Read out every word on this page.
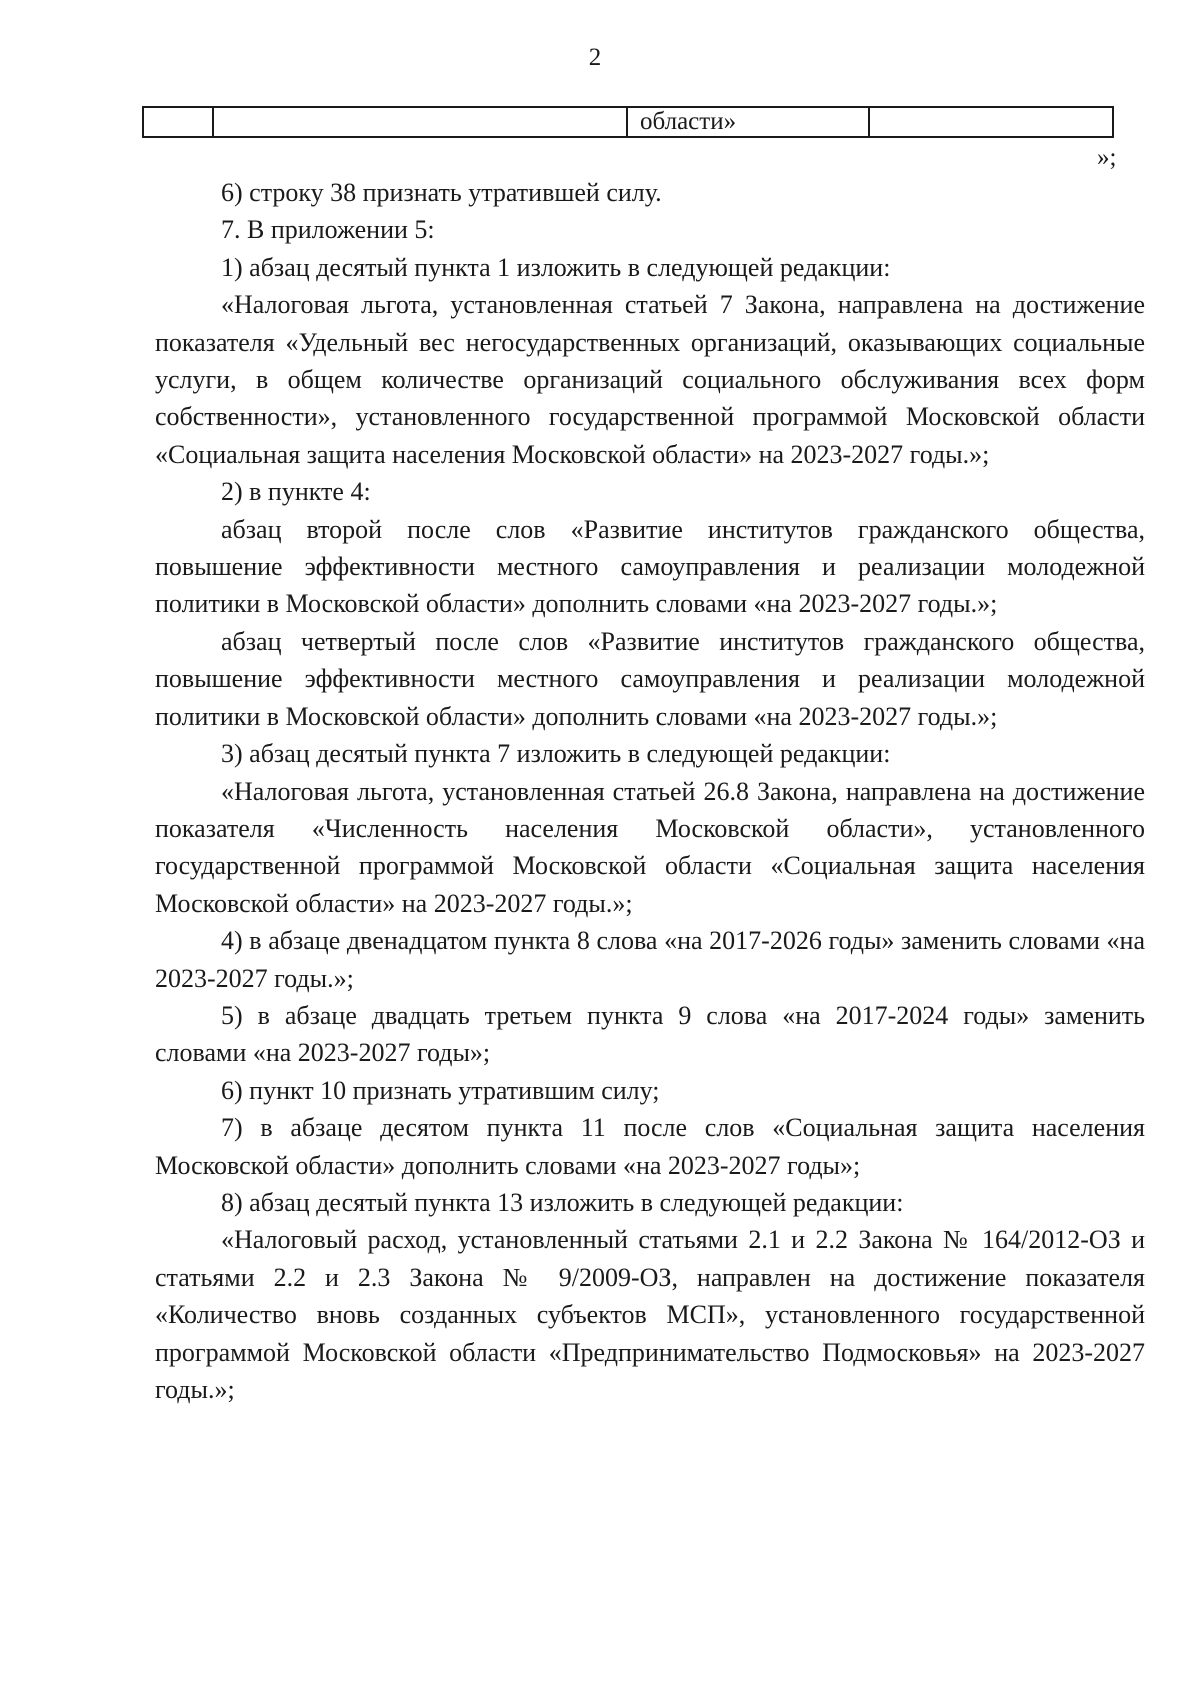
2
области»
»;

6) строку 38 признать утратившей силу.

7. В приложении 5:

1) абзац десятый пункта 1 изложить в следующей редакции:

«Налоговая льгота, установленная статьей 7 Закона, направлена на достижение показателя «Удельный вес негосударственных организаций, оказывающих социальные услуги, в общем количестве организаций социального обслуживания всех форм собственности», установленного государственной программой Московской области «Социальная защита населения Московской области» на 2023-2027 годы.»;

2) в пункте 4:

абзац второй после слов «Развитие институтов гражданского общества, повышение эффективности местного самоуправления и реализации молодежной политики в Московской области» дополнить словами «на 2023-2027 годы.»;

абзац четвертый после слов «Развитие институтов гражданского общества, повышение эффективности местного самоуправления и реализации молодежной политики в Московской области» дополнить словами «на 2023-2027 годы.»;

3) абзац десятый пункта 7 изложить в следующей редакции:

«Налоговая льгота, установленная статьей 26.8 Закона, направлена на достижение показателя «Численность населения Московской области», установленного государственной программой Московской области «Социальная защита населения Московской области» на 2023-2027 годы.»;

4) в абзаце двенадцатом пункта 8 слова «на 2017-2026 годы» заменить словами «на 2023-2027 годы.»;

5) в абзаце двадцать третьем пункта 9 слова «на 2017-2024 годы» заменить словами «на 2023-2027 годы»;

6) пункт 10 признать утратившим силу;

7) в абзаце десятом пункта 11 после слов «Социальная защита населения Московской области» дополнить словами «на 2023-2027 годы»;

8) абзац десятый пункта 13 изложить в следующей редакции:

«Налоговый расход, установленный статьями 2.1 и 2.2 Закона № 164/2012-ОЗ и статьями 2.2 и 2.3 Закона № 9/2009-ОЗ, направлен на достижение показателя «Количество вновь созданных субъектов МСП», установленного государственной программой Московской области «Предпринимательство Подмосковья» на 2023-2027 годы.»;
